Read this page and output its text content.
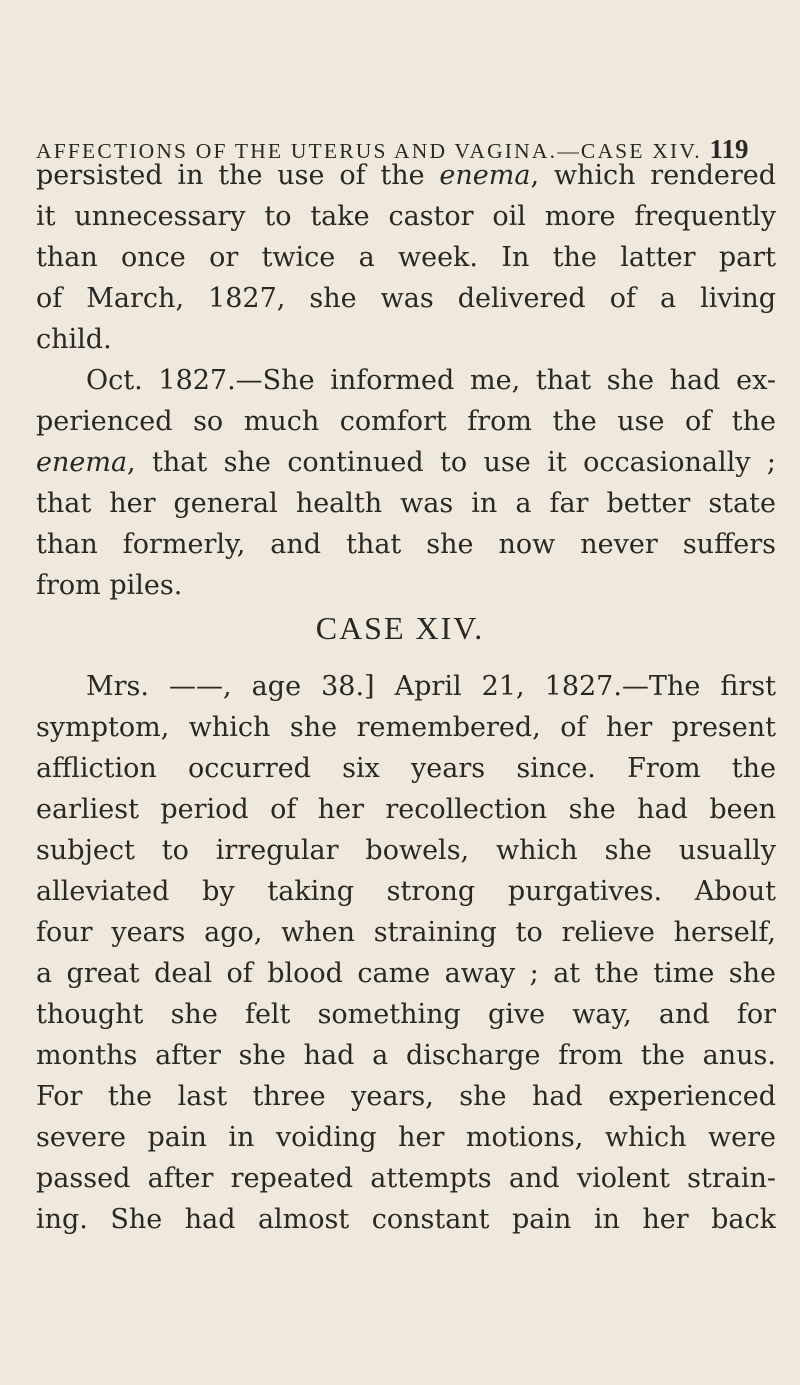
AFFECTIONS OF THE UTERUS AND VAGINA.—CASE XIV. 119
persisted in the use of the enema, which rendered
it unnecessary to take castor oil more frequently
than once or twice a week. In the latter part
of March, 1827, she was delivered of a living
child.
Oct. 1827.—She informed me, that she had ex-
perienced so much comfort from the use of the
enema, that she continued to use it occasionally ;
that her general health was in a far better state
than formerly, and that she now never suffers
from piles.
CASE XIV.
Mrs. ——, age 38.] April 21, 1827.—The first
symptom, which she remembered, of her present
affliction occurred six years since. From the
earliest period of her recollection she had been
subject to irregular bowels, which she usually
alleviated by taking strong purgatives. About
four years ago, when straining to relieve herself,
a great deal of blood came away ; at the time she
thought she felt something give way, and for
months after she had a discharge from the anus.
For the last three years, she had experienced
severe pain in voiding her motions, which were
passed after repeated attempts and violent strain-
ing. She had almost constant pain in her back
